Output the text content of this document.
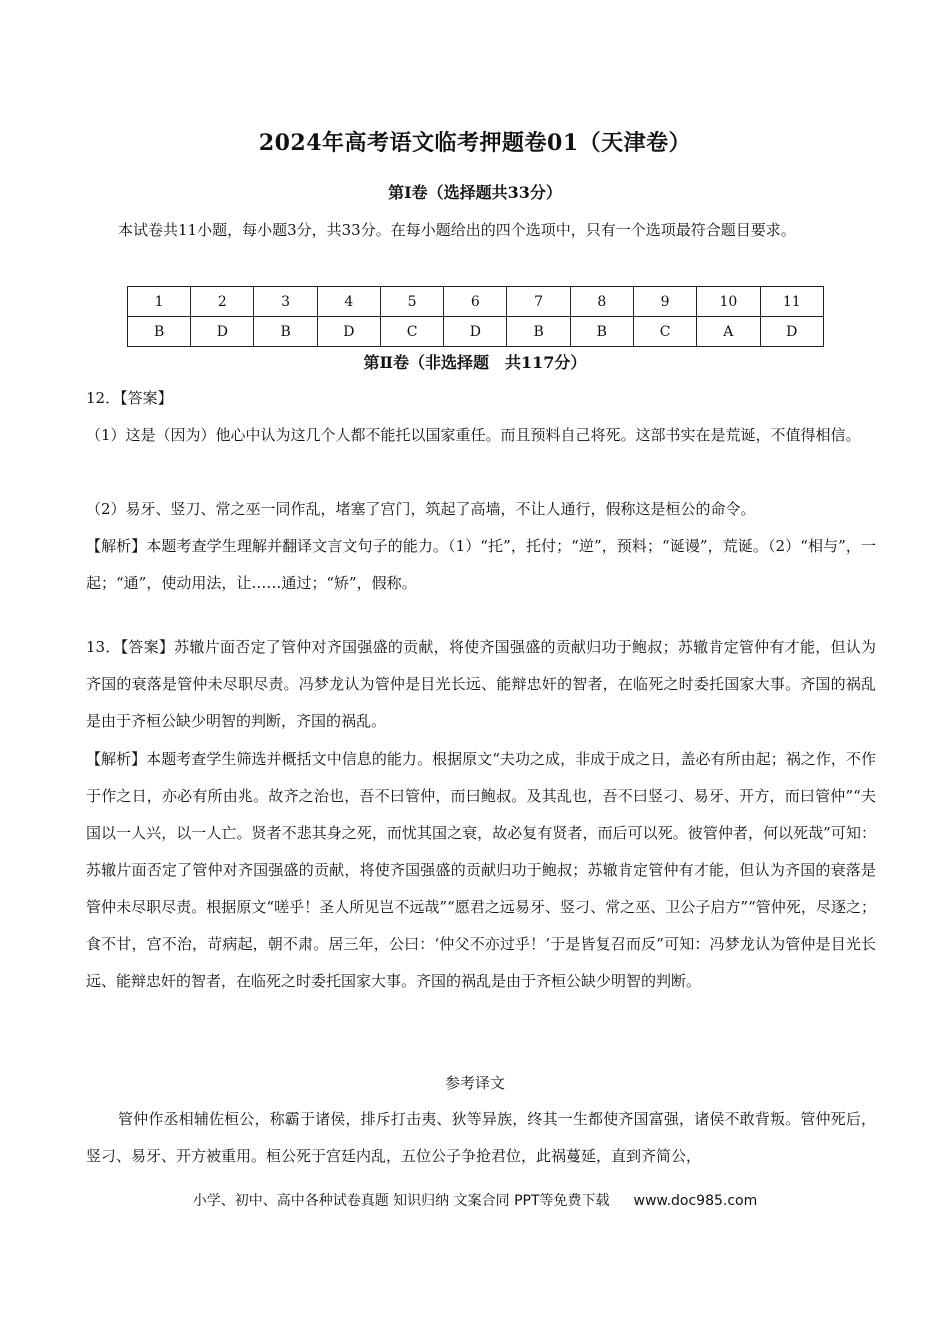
2024年高考语文临考押题卷01（天津卷）
第Ⅰ卷（选择题共33分）
本试卷共11小题，每小题3分，共33分。在每小题给出的四个选项中，只有一个选项最符合题目要求。
1	2	3	4	5	6	7	8	9	10	11
B	D	B	D	C	D	B	B	C	A	D
第Ⅱ卷（非选择题　共117分）
12．【答案】
（1）这是（因为）他心中认为这几个人都不能托以国家重任。而且预料自己将死。这部书实在是荒诞，不值得相信。
（2）易牙、竖刀、常之巫一同作乱，堵塞了宫门，筑起了高墙，不让人通行，假称这是桓公的命令。
【解析】本题考查学生理解并翻译文言文句子的能力。（1）“托”，托付；“逆”，预料；“诞谩”，荒诞。（2）“相与”，一起；“通”，使动用法，让……通过；“矫”，假称。
13．【答案】苏辙片面否定了管仲对齐国强盛的贡献，将使齐国强盛的贡献归功于鲍叔；苏辙肯定管仲有才能，但认为齐国的衰落是管仲未尽职尽责。冯梦龙认为管仲是目光长远、能辩忠奸的智者，在临死之时委托国家大事。齐国的祸乱是由于齐桓公缺少明智的判断，齐国的祸乱。
【解析】本题考查学生筛选并概括文中信息的能力。根据原文“夫功之成，非成于成之日，盖必有所由起；祸之作，不作于作之日，亦必有所由兆。故齐之治也，吾不曰管仲，而曰鲍叔。及其乱也，吾不曰竖刁、易牙、开方，而曰管仲”“夫国以一人兴，以一人亡。贤者不悲其身之死，而忧其国之衰，故必复有贤者，而后可以死。彼管仲者，何以死哉”可知：苏辙片面否定了管仲对齐国强盛的贡献，将使齐国强盛的贡献归功于鲍叔；苏辙肯定管仲有才能，但认为齐国的衰落是管仲未尽职尽责。根据原文“嗟乎！圣人所见岂不远哉”“愿君之远易牙、竖刁、常之巫、卫公子启方”“管仲死，尽逐之；食不甘，宫不治，苛病起，朝不肃。居三年，公曰：‘仲父不亦过乎！’于是皆复召而反”可知：冯梦龙认为管仲是目光长远、能辩忠奸的智者，在临死之时委托国家大事。齐国的祸乱是由于齐桓公缺少明智的判断。
参考译文
管仲作丞相辅佐桓公，称霸于诸侯，排斥打击夷、狄等异族，终其一生都使齐国富强，诸侯不敢背叛。管仲死后，竖刁、易牙、开方被重用。桓公死于宫廷内乱，五位公子争抢君位，此祸蔓延，直到齐简公，
小学、初中、高中各种试卷真题 知识归纳 文案合同 PPT等免费下载 www.doc985.com
